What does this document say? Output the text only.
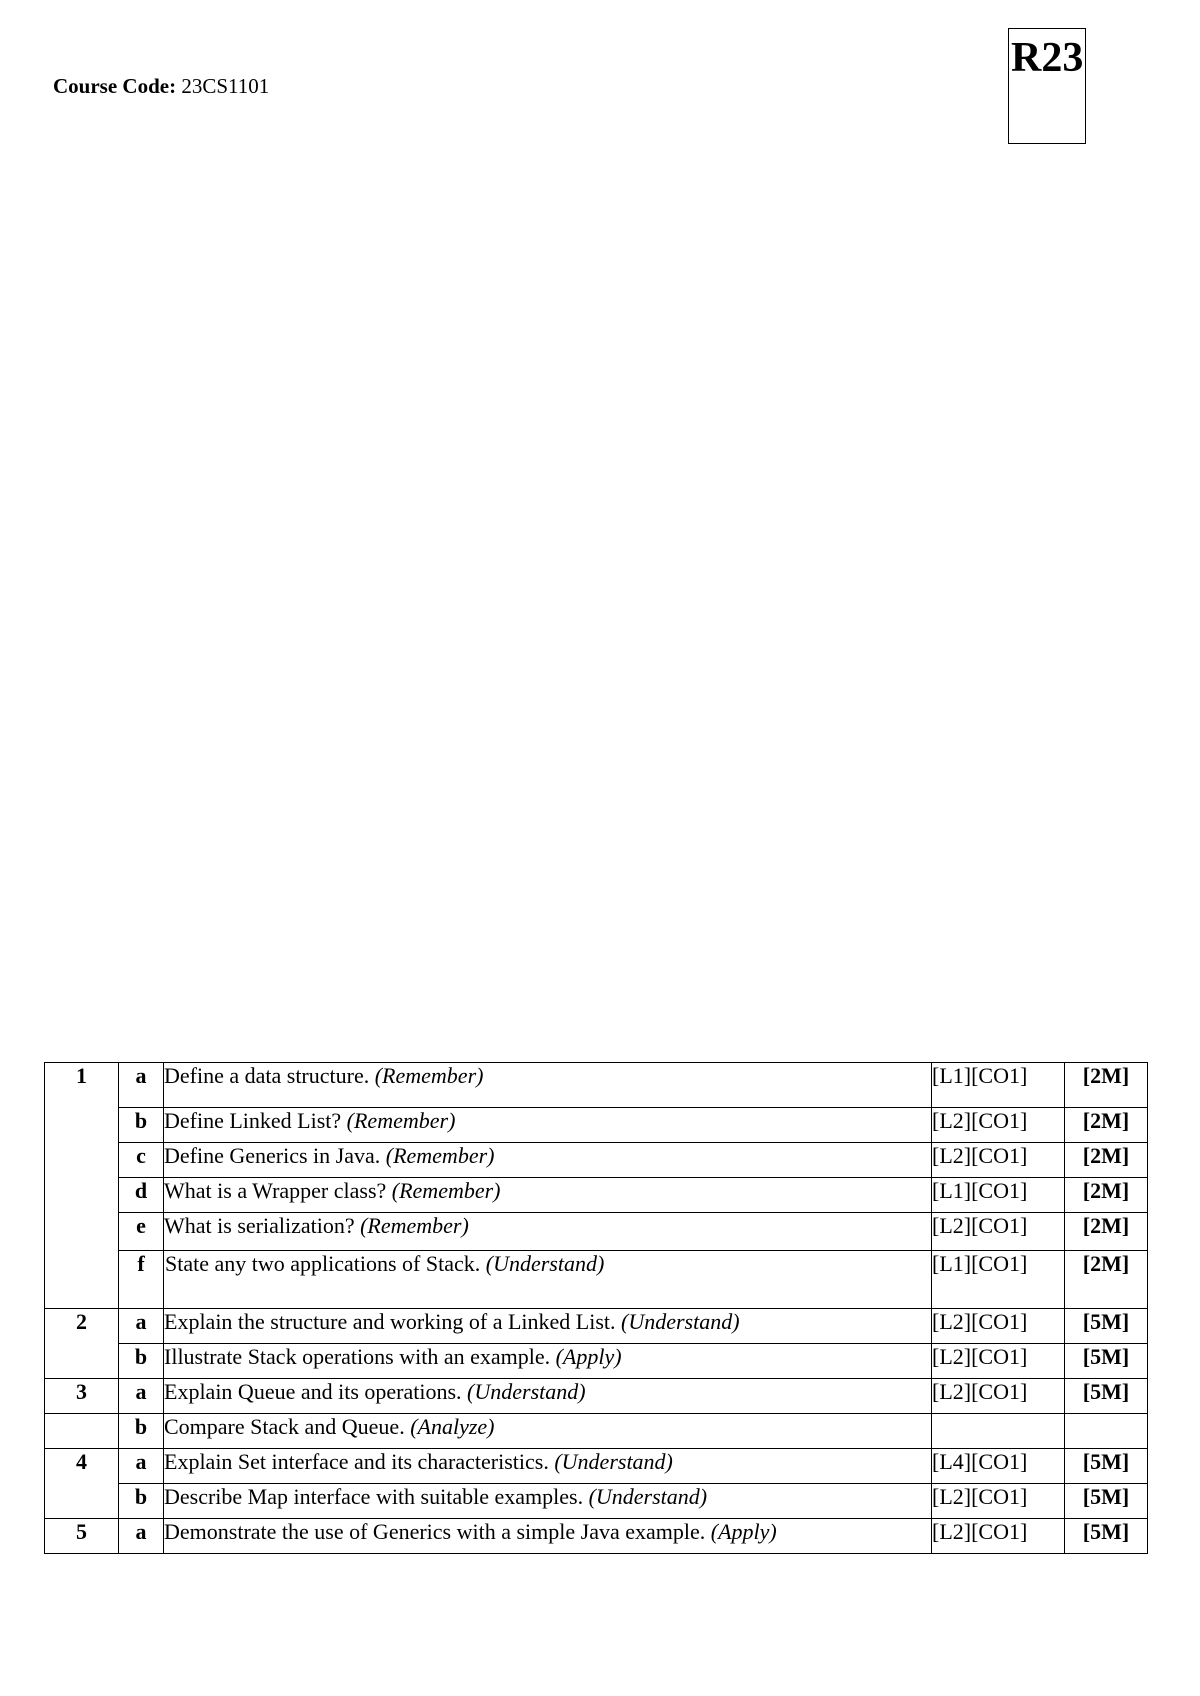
Course Code: 23CS1101
R23
1	a	Define a data structure. (Remember)	[L1][CO1]	[2M]
	b	Define Linked List? (Remember)	[L2][CO1]	[2M]
	c	Define Generics in Java. (Remember)	[L2][CO1]	[2M]
	d	What is a Wrapper class? (Remember)	[L1][CO1]	[2M]
	e	What is serialization? (Remember)	[L2][CO1]	[2M]
	f	State any two applications of Stack. (Understand)	[L1][CO1]	[2M]
2	a	Explain the structure and working of a Linked List. (Understand)	[L2][CO1]	[5M]
	b	Illustrate Stack operations with an example. (Apply)	[L2][CO1]	[5M]
3	a	Explain Queue and its operations. (Understand)	[L2][CO1]	[5M]
	b	Compare Stack and Queue. (Analyze)		
4	a	Explain Set interface and its characteristics. (Understand)	[L4][CO1]	[5M]
	b	Describe Map interface with suitable examples. (Understand)	[L2][CO1]	[5M]
5	a	Demonstrate the use of Generics with a simple Java example. (Apply)	[L2][CO1]	[5M]
